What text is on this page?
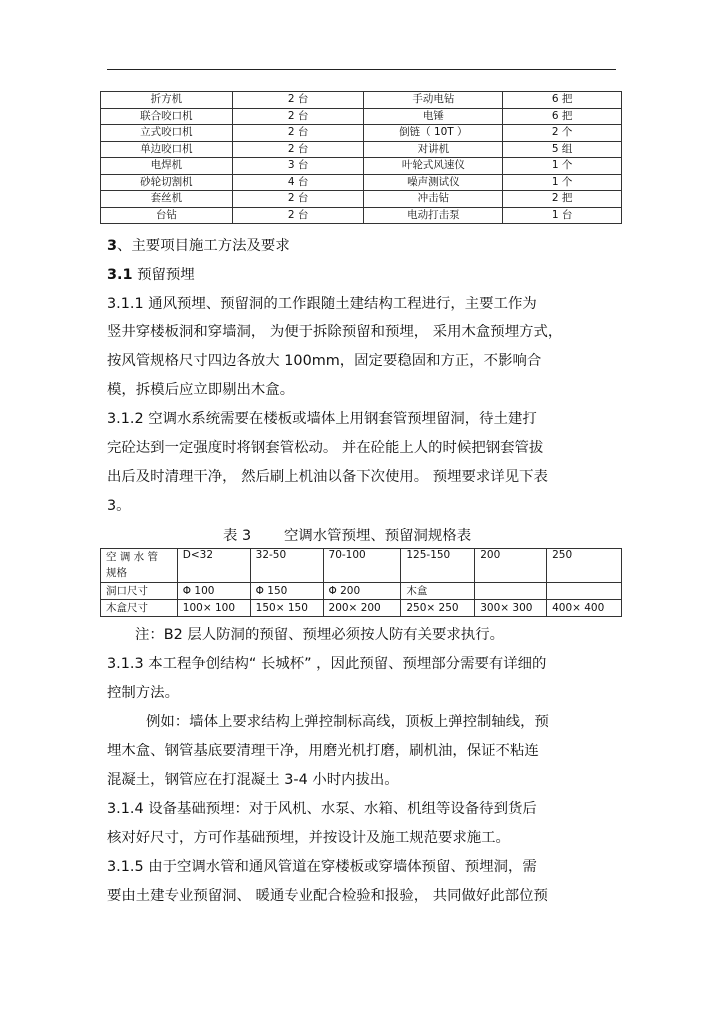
折方机	2 台	手动电钻	6 把
联合咬口机	2 台	电锤	6 把
立式咬口机	2 台	倒链（ 10T ）	2 个
单边咬口机	2 台	对讲机	5 组
电焊机	3 台	叶轮式风速仪	1 个
砂轮切割机	4 台	噪声测试仪	1 个
套丝机	2 台	冲击钻	2 把
台钻	2 台	电动打击泵	1 台
3、主要项目施工方法及要求
3.1 预留预埋
3.1.1 通风预埋、预留洞的工作跟随土建结构工程进行，主要工作为
竖井穿楼板洞和穿墙洞， 为便于拆除预留和预埋， 采用木盒预埋方式，
按风管规格尺寸四边各放大 100mm，固定要稳固和方正，不影响合
模，拆模后应立即剔出木盒。
3.1.2 空调水系统需要在楼板或墙体上用钢套管预埋留洞，待土建打
完砼达到一定强度时将钢套管松动。 并在砼能上人的时候把钢套管拔
出后及时清理干净， 然后刷上机油以备下次使用。 预埋要求详见下表
3。
表 3 空调水管预埋、预留洞规格表
空 调 水 管
规格	D<32	32-50	70-100	125-150	200	250
洞口尺寸	Φ 100	Φ 150	Φ 200	木盒		
木盒尺寸	100× 100	150× 150	200× 200	250× 250	300× 300	400× 400
注：B2 层人防洞的预留、预埋必须按人防有关要求执行。
3.1.3 本工程争创结构“ 长城杯” ，因此预留、预埋部分需要有详细的
控制方法。
例如：墙体上要求结构上弹控制标高线，顶板上弹控制轴线，预
埋木盒、钢管基底要清理干净，用磨光机打磨，刷机油，保证不粘连
混凝土，钢管应在打混凝土 3-4 小时内拔出。
3.1.4 设备基础预埋：对于风机、水泵、水箱、机组等设备待到货后
核对好尺寸，方可作基础预埋，并按设计及施工规范要求施工。
3.1.5 由于空调水管和通风管道在穿楼板或穿墙体预留、预埋洞，需
要由土建专业预留洞、 暖通专业配合检验和报验， 共同做好此部位预
